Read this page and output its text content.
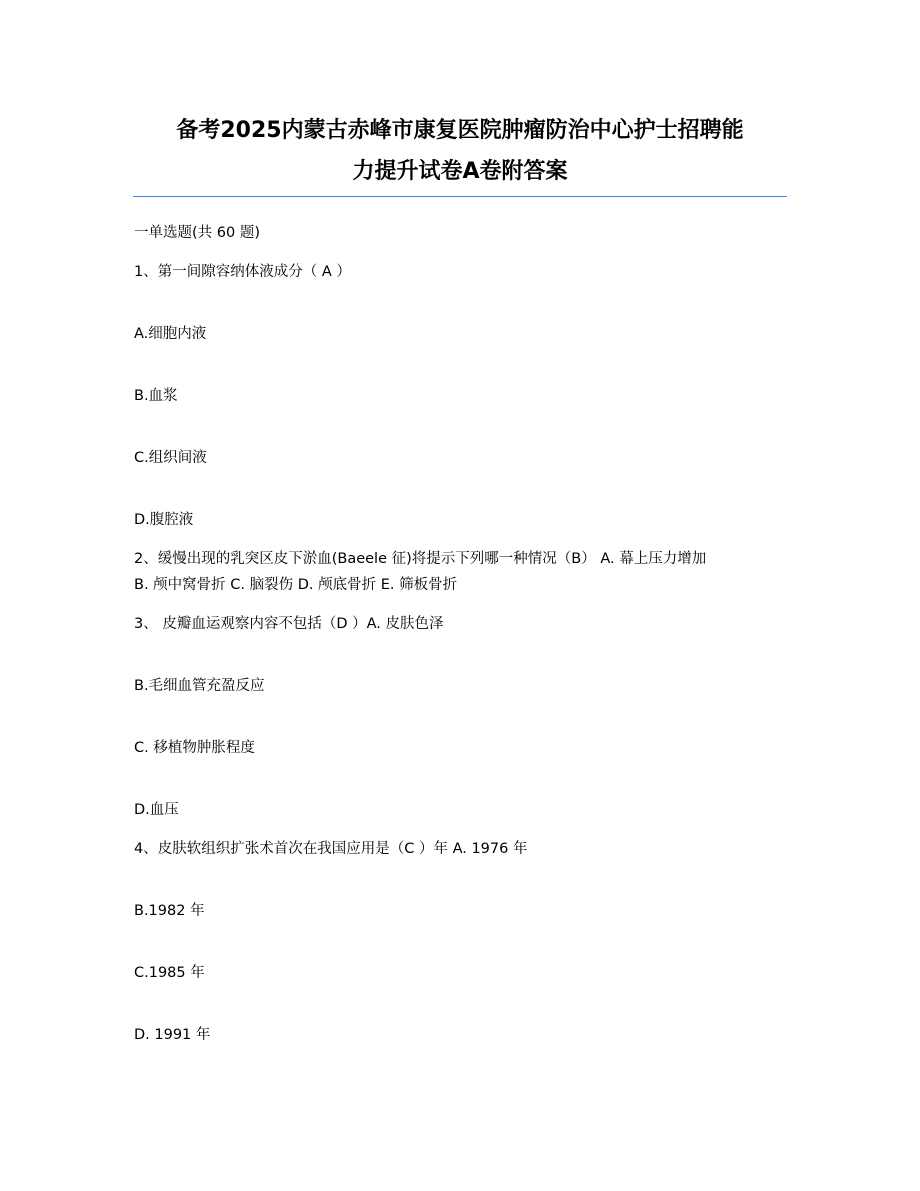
备考2025内蒙古赤峰市康复医院肿瘤防治中心护士招聘能
力提升试卷A卷附答案
一单选题(共 60 题)
1、第一间隙容纳体液成分（ A ）
A.细胞内液
B.血浆
C.组织间液
D.腹腔液
2、缓慢出现的乳突区皮下淤血(Baeele 征)将提示下列哪一种情况（B） A. 幕上压力增加
B. 颅中窝骨折 C. 脑裂伤 D. 颅底骨折 E. 筛板骨折
3、 皮瓣血运观察内容不包括（D ）A. 皮肤色泽
B.毛细血管充盈反应
C. 移植物肿胀程度
D.血压
4、皮肤软组织扩张术首次在我国应用是（C ）年 A. 1976 年
B.1982 年
C.1985 年
D. 1991 年
